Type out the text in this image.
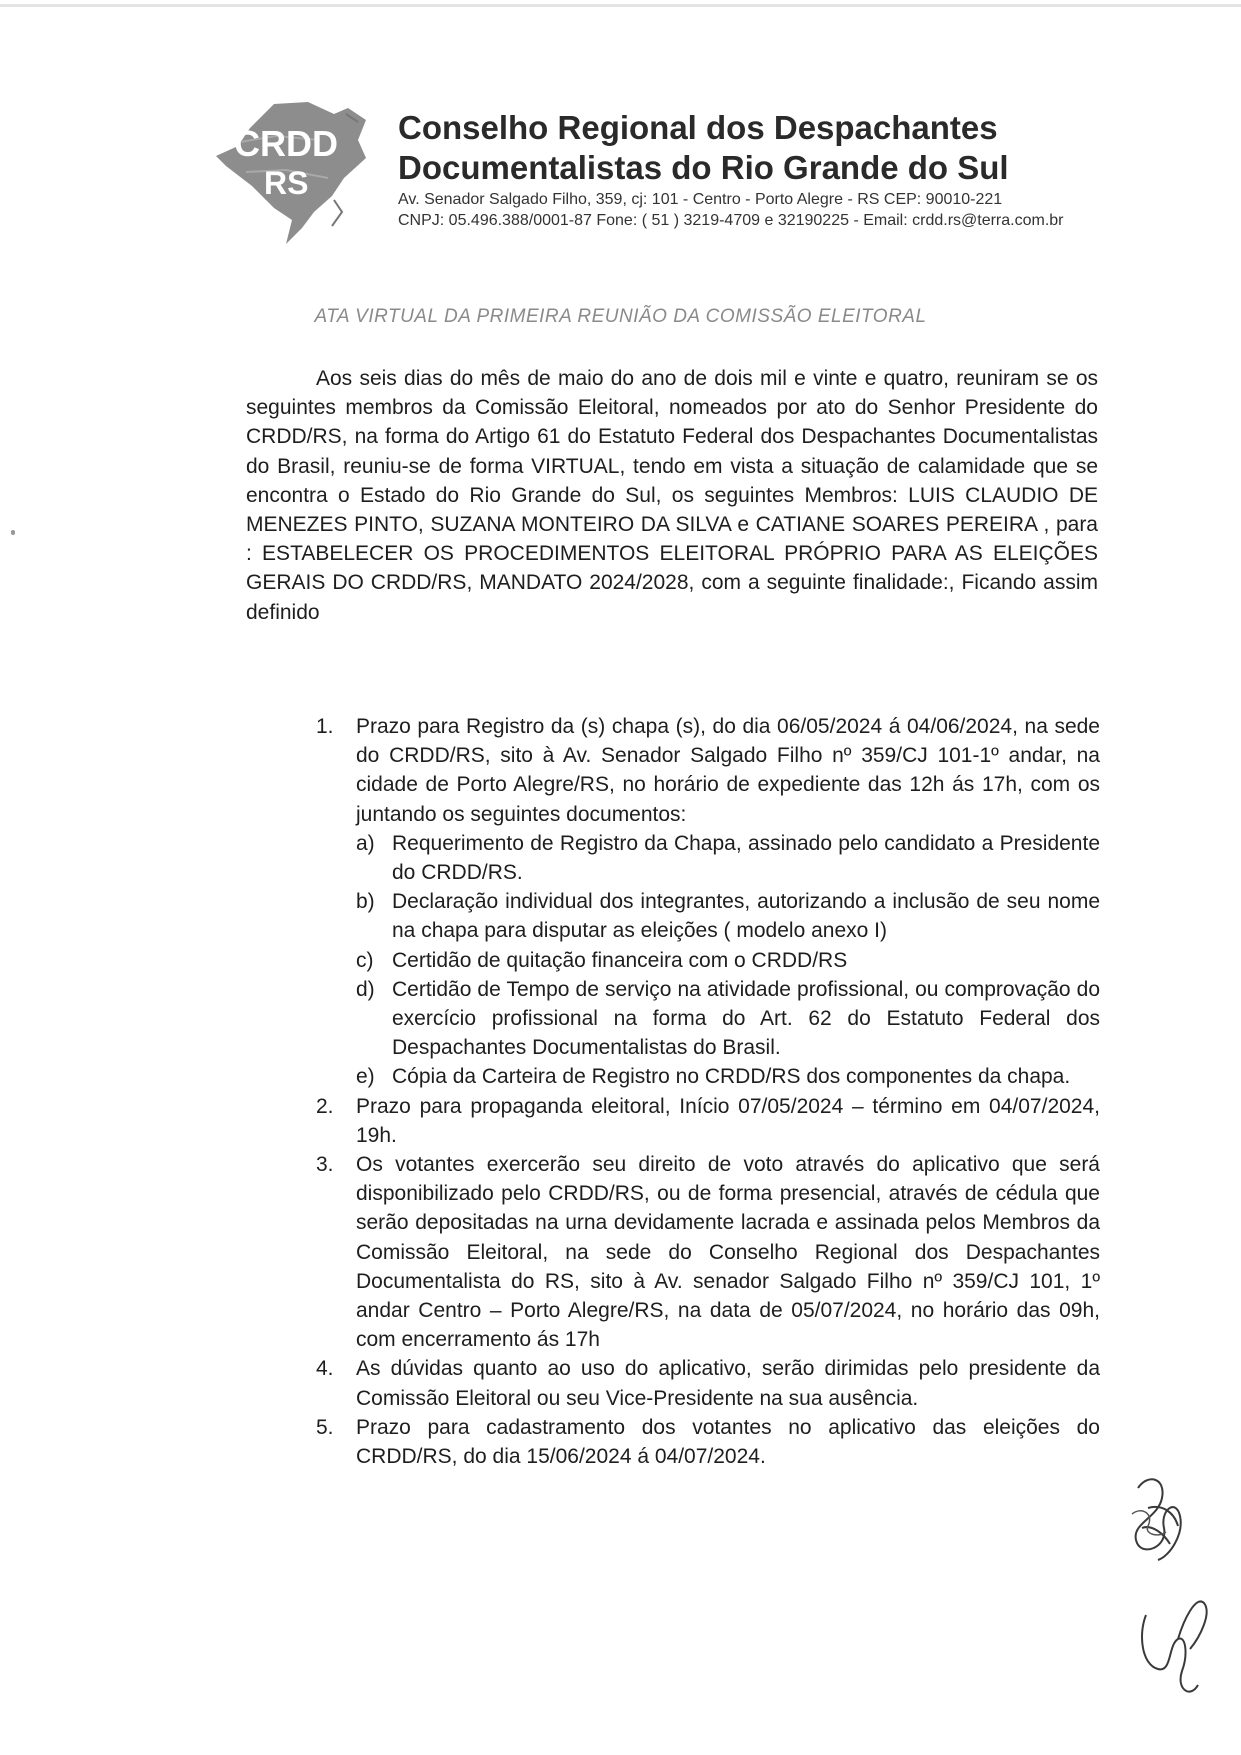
CRDD
RS
Conselho Regional dos Despachantes
Documentalistas do Rio Grande do Sul
Av. Senador Salgado Filho, 359, cj: 101 - Centro - Porto Alegre - RS CEP: 90010-221
CNPJ: 05.496.388/0001-87 Fone: ( 51 ) 3219-4709 e 32190225 - Email: crdd.rs@terra.com.br
ATA VIRTUAL DA PRIMEIRA REUNIÃO DA COMISSÃO ELEITORAL

Aos seis dias do mês de maio do ano de dois mil e vinte e quatro, reuniram se os seguintes membros da Comissão Eleitoral, nomeados por ato do Senhor Presidente do CRDD/RS, na forma do Artigo 61 do Estatuto Federal dos Despachantes Documentalistas do Brasil, reuniu-se de forma VIRTUAL, tendo em vista a situação de calamidade que se encontra o Estado do Rio Grande do Sul, os seguintes Membros: LUIS CLAUDIO DE MENEZES PINTO, SUZANA MONTEIRO DA SILVA e CATIANE SOARES PEREIRA , para : ESTABELECER OS PROCEDIMENTOS ELEITORAL PRÓPRIO PARA AS ELEIÇÕES GERAIS DO CRDD/RS, MANDATO 2024/2028, com a seguinte finalidade:, Ficando assim definido

1. Prazo para Registro da (s) chapa (s), do dia 06/05/2024 á 04/06/2024, na sede do CRDD/RS, sito à Av. Senador Salgado Filho nº 359/CJ 101-1º andar, na cidade de Porto Alegre/RS, no horário de expediente das 12h ás 17h, com os juntando os seguintes documentos:
a) Requerimento de Registro da Chapa, assinado pelo candidato a Presidente do CRDD/RS.
b) Declaração individual dos integrantes, autorizando a inclusão de seu nome na chapa para disputar as eleições ( modelo anexo I)
c) Certidão de quitação financeira com o CRDD/RS
d) Certidão de Tempo de serviço na atividade profissional, ou comprovação do exercício profissional na forma do Art. 62 do Estatuto Federal dos Despachantes Documentalistas do Brasil.
e) Cópia da Carteira de Registro no CRDD/RS dos componentes da chapa.
2. Prazo para propaganda eleitoral, Início 07/05/2024 – término em 04/07/2024, 19h.
3. Os votantes exercerão seu direito de voto através do aplicativo que será disponibilizado pelo CRDD/RS, ou de forma presencial, através de cédula que serão depositadas na urna devidamente lacrada e assinada pelos Membros da Comissão Eleitoral, na sede do Conselho Regional dos Despachantes Documentalista do RS, sito à Av. senador Salgado Filho nº 359/CJ 101, 1º andar Centro – Porto Alegre/RS, na data de 05/07/2024, no horário das 09h, com encerramento ás 17h
4. As dúvidas quanto ao uso do aplicativo, serão dirimidas pelo presidente da Comissão Eleitoral ou seu Vice-Presidente na sua ausência.
5. Prazo para cadastramento dos votantes no aplicativo das eleições do CRDD/RS, do dia 15/06/2024 á 04/07/2024.
